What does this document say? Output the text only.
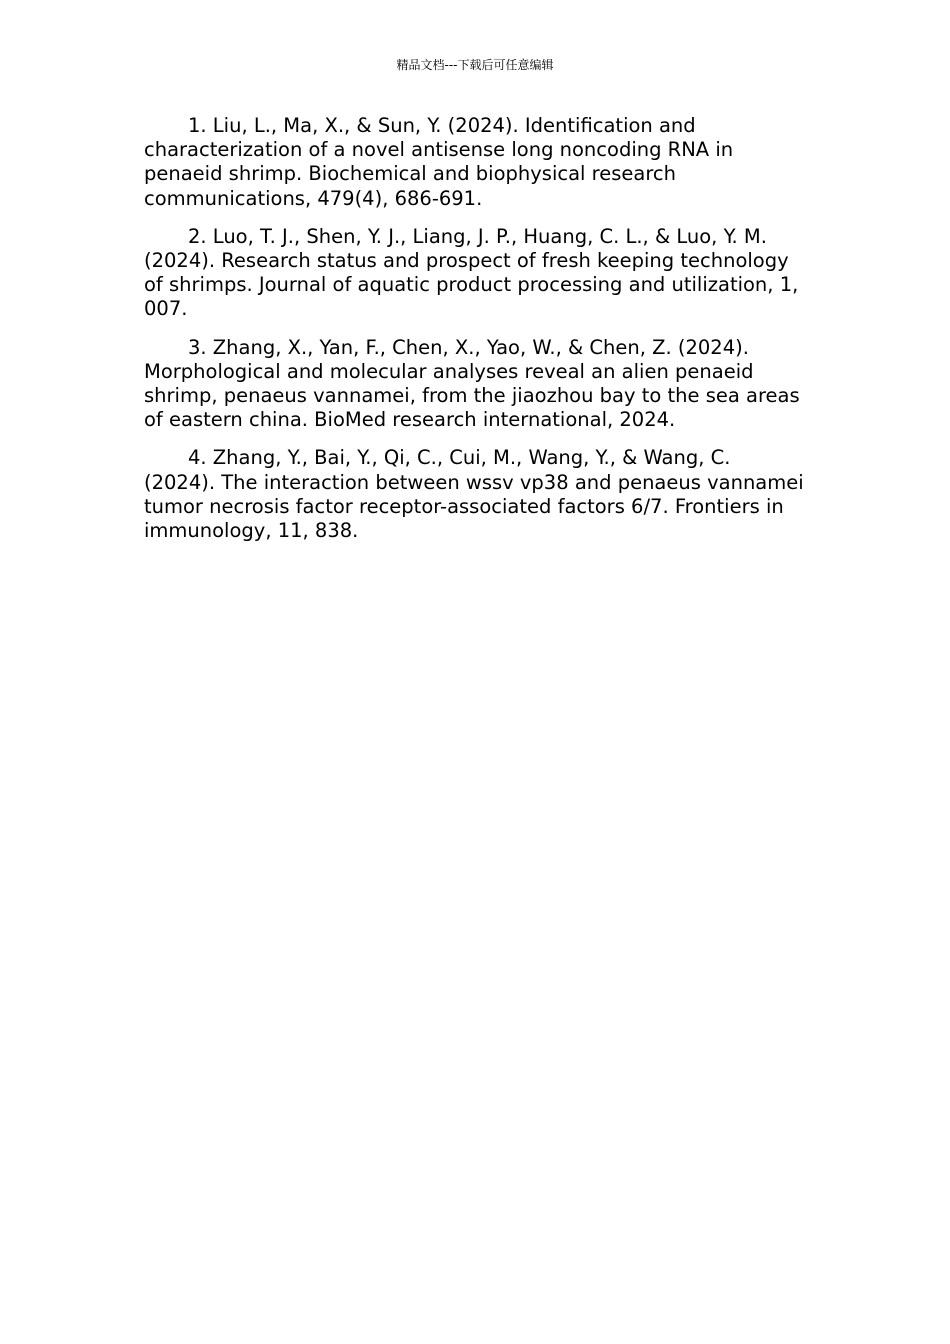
精品文档---下载后可任意编辑

1. Liu, L., Ma, X., & Sun, Y. (2024). Identification and characterization of a novel antisense long noncoding RNA in penaeid shrimp. Biochemical and biophysical research communications, 479(4), 686-691.

2. Luo, T. J., Shen, Y. J., Liang, J. P., Huang, C. L., & Luo, Y. M. (2024). Research status and prospect of fresh keeping technology of shrimps. Journal of aquatic product processing and utilization, 1, 007.

3. Zhang, X., Yan, F., Chen, X., Yao, W., & Chen, Z. (2024). Morphological and molecular analyses reveal an alien penaeid shrimp, penaeus vannamei, from the jiaozhou bay to the sea areas of eastern china. BioMed research international, 2024.

4. Zhang, Y., Bai, Y., Qi, C., Cui, M., Wang, Y., & Wang, C. (2024). The interaction between wssv vp38 and penaeus vannamei tumor necrosis factor receptor-associated factors 6/7. Frontiers in immunology, 11, 838.
